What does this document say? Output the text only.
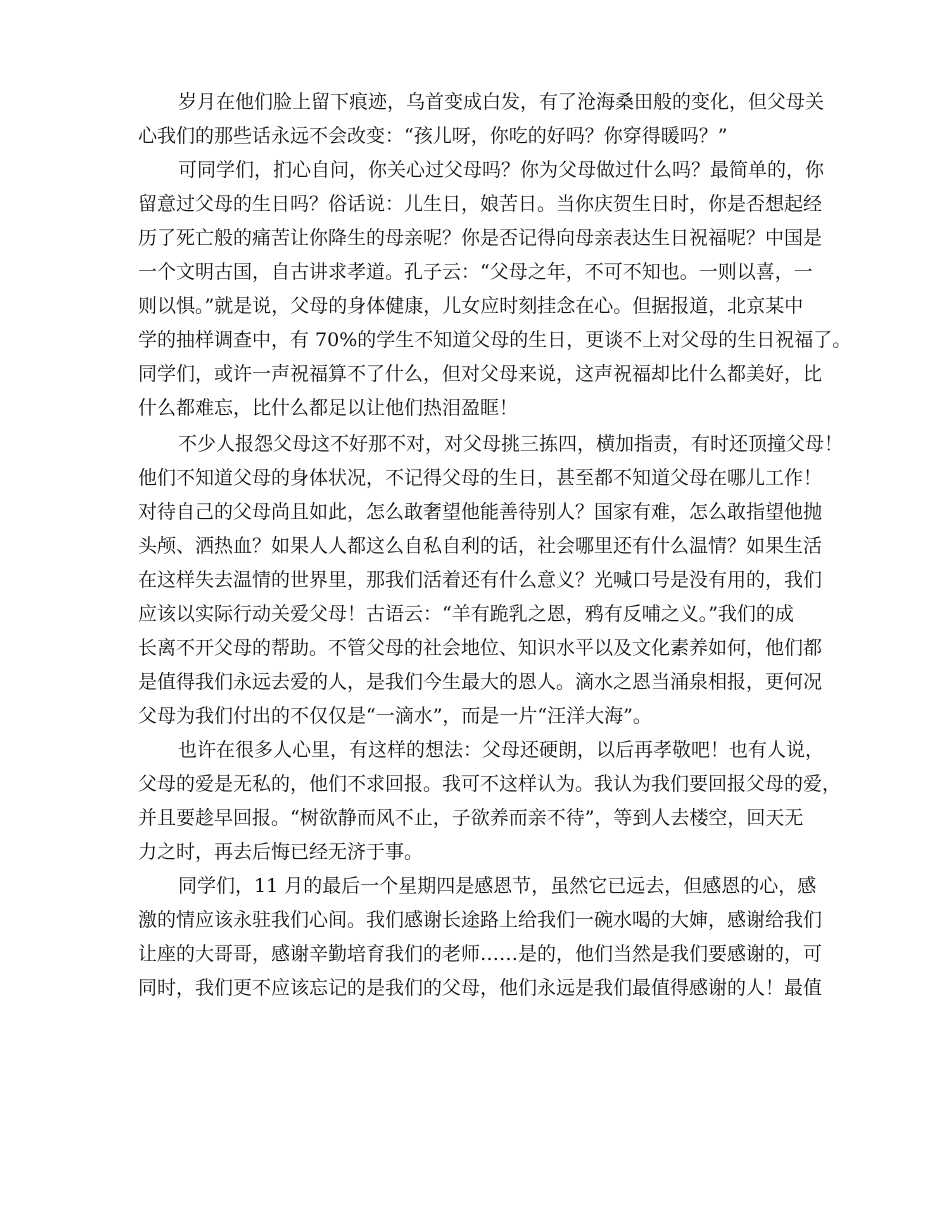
岁月在他们脸上留下痕迹，乌首变成白发，有了沧海桑田般的变化，但父母关
心我们的那些话永远不会改变：“孩儿呀，你吃的好吗？你穿得暖吗？”
可同学们，扪心自问，你关心过父母吗？你为父母做过什么吗？最简单的，你
留意过父母的生日吗？俗话说：儿生日，娘苦日。当你庆贺生日时，你是否想起经
历了死亡般的痛苦让你降生的母亲呢？你是否记得向母亲表达生日祝福呢？中国是
一个文明古国，自古讲求孝道。孔子云：“父母之年，不可不知也。一则以喜，一
则以惧。”就是说，父母的身体健康，儿女应时刻挂念在心。但据报道，北京某中
学的抽样调查中，有 70%的学生不知道父母的生日，更谈不上对父母的生日祝福了。
同学们，或许一声祝福算不了什么，但对父母来说，这声祝福却比什么都美好，比
什么都难忘，比什么都足以让他们热泪盈眶！
不少人报怨父母这不好那不对，对父母挑三拣四，横加指责，有时还顶撞父母！
他们不知道父母的身体状况，不记得父母的生日，甚至都不知道父母在哪儿工作！
对待自己的父母尚且如此，怎么敢奢望他能善待别人？国家有难，怎么敢指望他抛
头颅、洒热血？如果人人都这么自私自利的话，社会哪里还有什么温情？如果生活
在这样失去温情的世界里，那我们活着还有什么意义？光喊口号是没有用的，我们
应该以实际行动关爱父母！古语云：“羊有跪乳之恩，鸦有反哺之义。”我们的成
长离不开父母的帮助。不管父母的社会地位、知识水平以及文化素养如何，他们都
是值得我们永远去爱的人，是我们今生最大的恩人。滴水之恩当涌泉相报，更何况
父母为我们付出的不仅仅是“一滴水”，而是一片“汪洋大海”。
也许在很多人心里，有这样的想法：父母还硬朗，以后再孝敬吧！也有人说，
父母的爱是无私的，他们不求回报。我可不这样认为。我认为我们要回报父母的爱，
并且要趁早回报。“树欲静而风不止，子欲养而亲不待”，等到人去楼空，回天无
力之时，再去后悔已经无济于事。
同学们，11 月的最后一个星期四是感恩节，虽然它已远去，但感恩的心，感
激的情应该永驻我们心间。我们感谢长途路上给我们一碗水喝的大婶，感谢给我们
让座的大哥哥，感谢辛勤培育我们的老师……是的，他们当然是我们要感谢的，可
同时，我们更不应该忘记的是我们的父母，他们永远是我们最值得感谢的人！最值
